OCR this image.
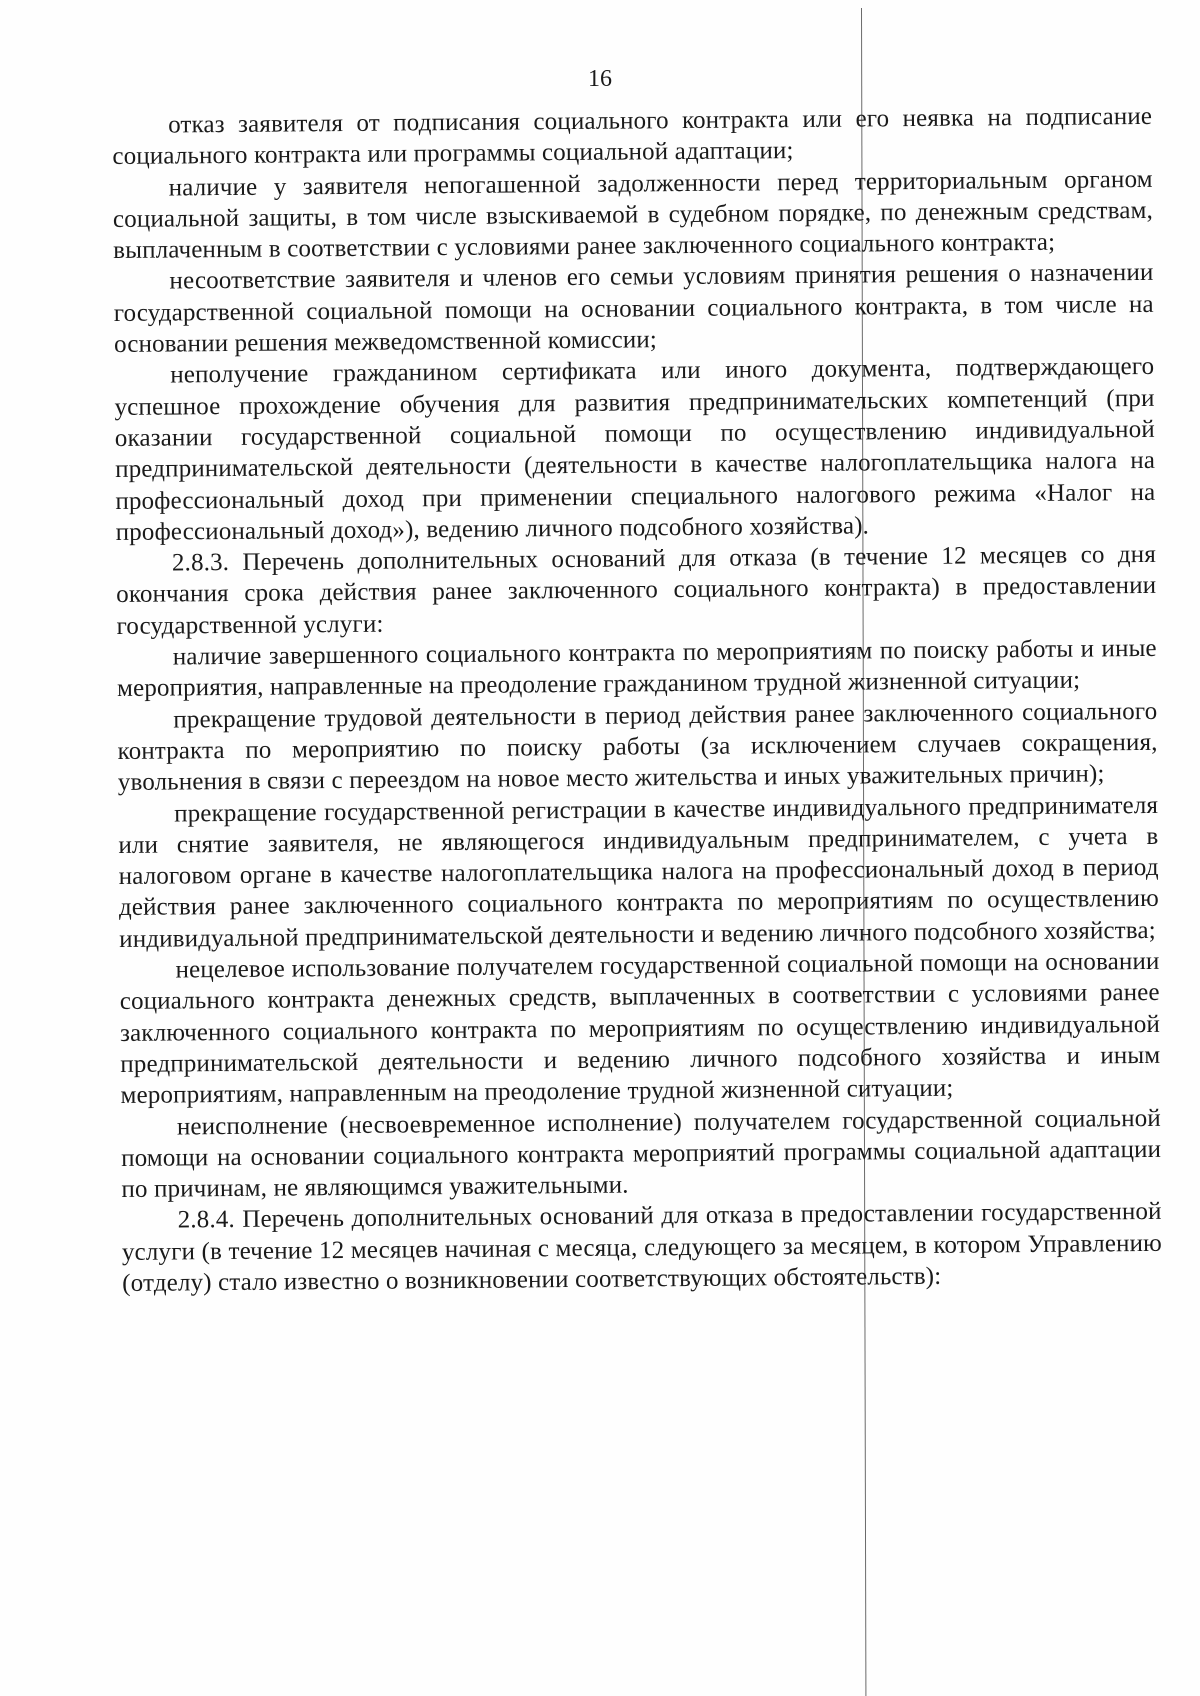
16

отказ заявителя от подписания социального контракта или его неявка на подписание социального контракта или программы социальной адаптации;

наличие у заявителя непогашенной задолженности перед территориальным органом социальной защиты, в том числе взыскиваемой в судебном порядке, по денежным средствам, выплаченным в соответствии с условиями ранее заключенного социального контракта;

несоответствие заявителя и членов его семьи условиям принятия решения о назначении государственной социальной помощи на основании социального контракта, в том числе на основании решения межведомственной комиссии;

неполучение гражданином сертификата или иного документа, подтверждающего успешное прохождение обучения для развития предпринимательских компетенций (при оказании государственной социальной помощи по осуществлению индивидуальной предпринимательской деятельности (деятельности в качестве налогоплательщика налога на профессиональный доход при применении специального налогового режима «Налог на профессиональный доход»), ведению личного подсобного хозяйства).

2.8.3. Перечень дополнительных оснований для отказа (в течение 12 месяцев со дня окончания срока действия ранее заключенного социального контракта) в предоставлении государственной услуги:

наличие завершенного социального контракта по мероприятиям по поиску работы и иные мероприятия, направленные на преодоление гражданином трудной жизненной ситуации;

прекращение трудовой деятельности в период действия ранее заключенного социального контракта по мероприятию по поиску работы (за исключением случаев сокращения, увольнения в связи с переездом на новое место жительства и иных уважительных причин);

прекращение государственной регистрации в качестве индивидуального предпринимателя или снятие заявителя, не являющегося индивидуальным предпринимателем, с учета в налоговом органе в качестве налогоплательщика налога на профессиональный доход в период действия ранее заключенного социального контракта по мероприятиям по осуществлению индивидуальной предпринимательской деятельности и ведению личного подсобного хозяйства;

нецелевое использование получателем государственной социальной помощи на основании социального контракта денежных средств, выплаченных в соответствии с условиями ранее заключенного социального контракта по мероприятиям по осуществлению индивидуальной предпринимательской деятельности и ведению личного подсобного хозяйства и иным мероприятиям, направленным на преодоление трудной жизненной ситуации;

неисполнение (несвоевременное исполнение) получателем государственной социальной помощи на основании социального контракта мероприятий программы социальной адаптации по причинам, не являющимся уважительными.

2.8.4. Перечень дополнительных оснований для отказа в предоставлении государственной услуги (в течение 12 месяцев начиная с месяца, следующего за месяцем, в котором Управлению (отделу) стало известно о возникновении соответствующих обстоятельств):
